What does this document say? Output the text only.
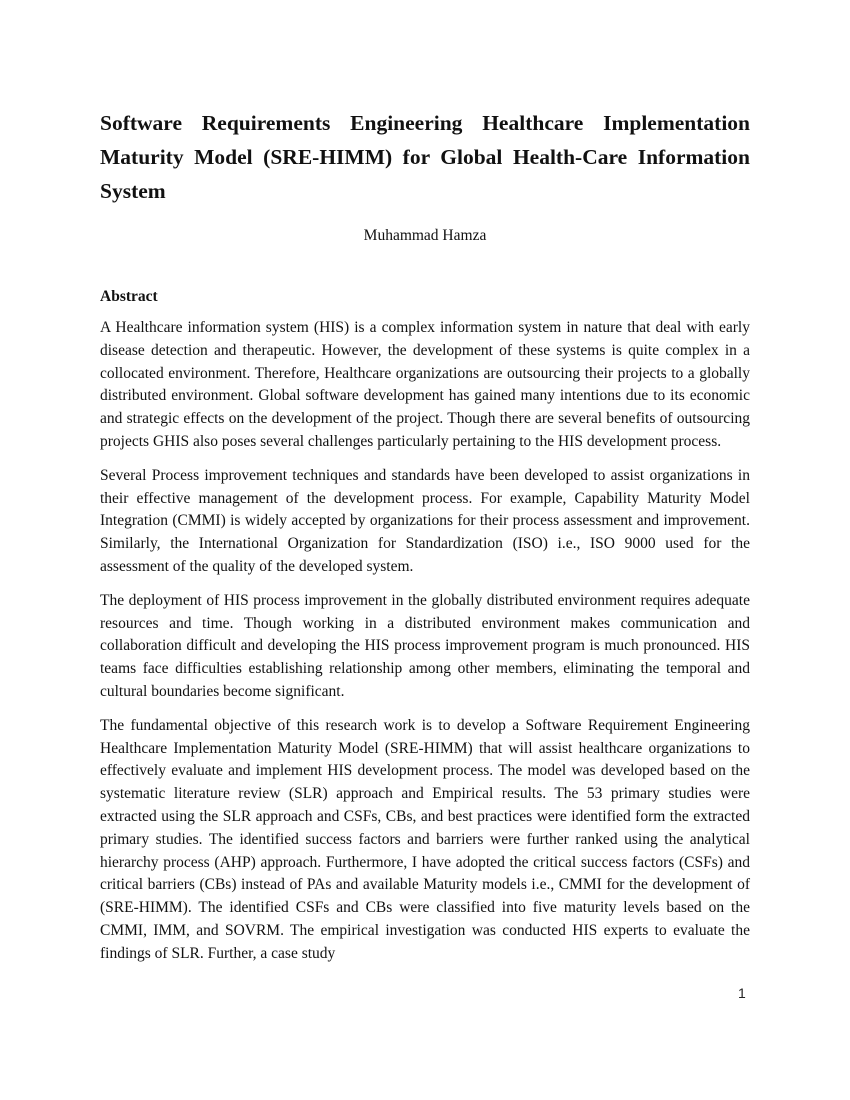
Software Requirements Engineering Healthcare Implementation Maturity Model (SRE-HIMM) for Global Health-Care Information System
Muhammad Hamza
Abstract

A Healthcare information system (HIS) is a complex information system in nature that deal with early disease detection and therapeutic. However, the development of these systems is quite complex in a collocated environment. Therefore, Healthcare organizations are outsourcing their projects to a globally distributed environment. Global software development has gained many intentions due to its economic and strategic effects on the development of the project. Though there are several benefits of outsourcing projects GHIS also poses several challenges particularly pertaining to the HIS development process.

Several Process improvement techniques and standards have been developed to assist organizations in their effective management of the development process. For example, Capability Maturity Model Integration (CMMI) is widely accepted by organizations for their process assessment and improvement. Similarly, the International Organization for Standardization (ISO) i.e., ISO 9000 used for the assessment of the quality of the developed system.

The deployment of HIS process improvement in the globally distributed environment requires adequate resources and time. Though working in a distributed environment makes communication and collaboration difficult and developing the HIS process improvement program is much pronounced. HIS teams face difficulties establishing relationship among other members, eliminating the temporal and cultural boundaries become significant.

The fundamental objective of this research work is to develop a Software Requirement Engineering Healthcare Implementation Maturity Model (SRE-HIMM) that will assist healthcare organizations to effectively evaluate and implement HIS development process. The model was developed based on the systematic literature review (SLR) approach and Empirical results. The 53 primary studies were extracted using the SLR approach and CSFs, CBs, and best practices were identified form the extracted primary studies. The identified success factors and barriers were further ranked using the analytical hierarchy process (AHP) approach. Furthermore, I have adopted the critical success factors (CSFs) and critical barriers (CBs) instead of PAs and available Maturity models i.e., CMMI for the development of (SRE-HIMM). The identified CSFs and CBs were classified into five maturity levels based on the CMMI, IMM, and SOVRM. The empirical investigation was conducted HIS experts to evaluate the findings of SLR. Further, a case study

1
